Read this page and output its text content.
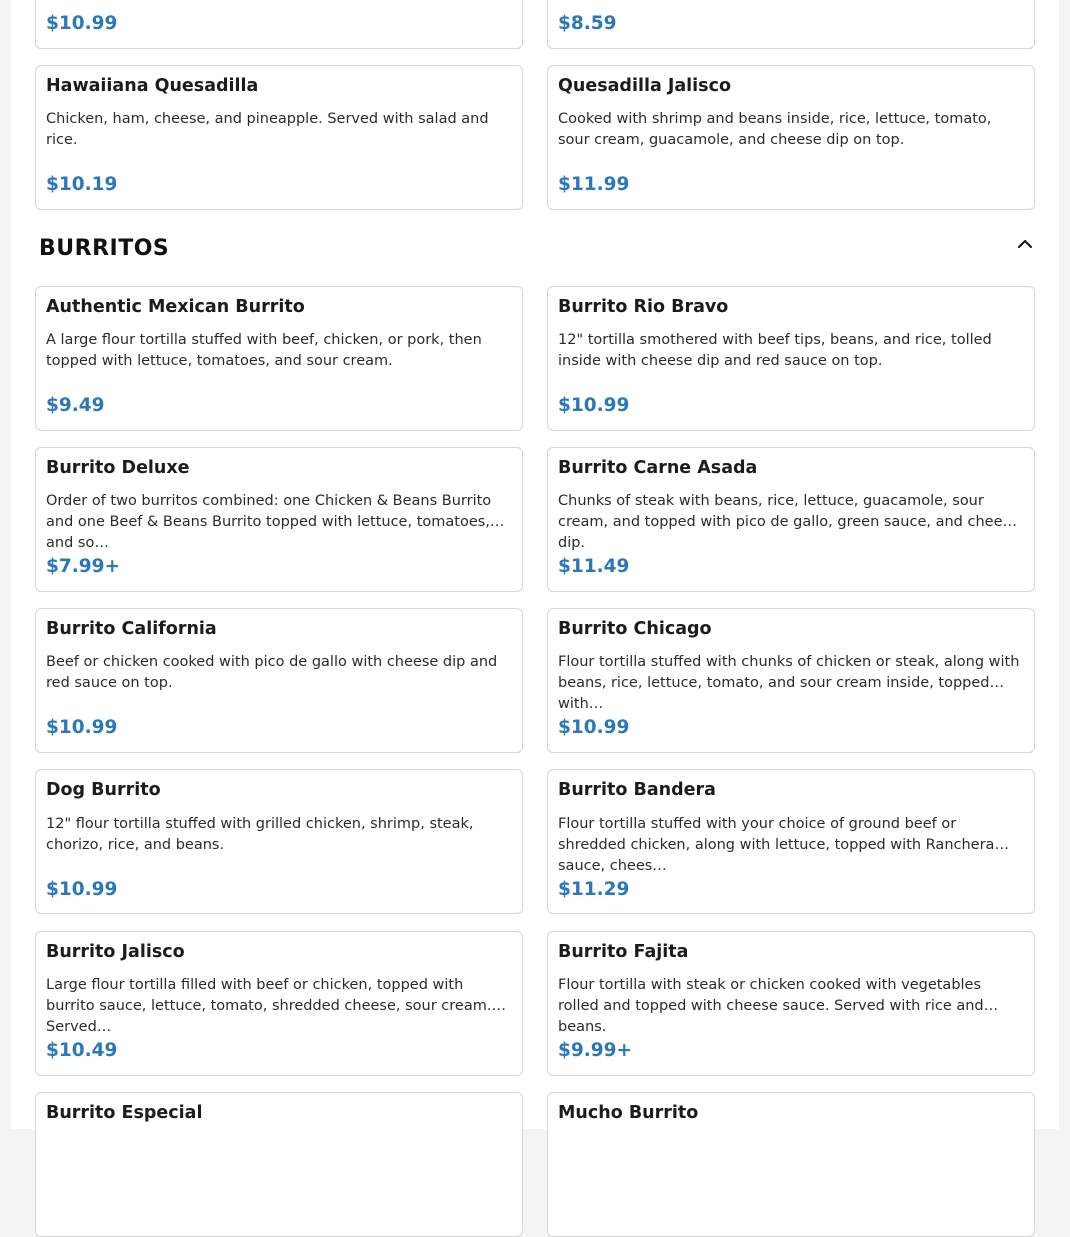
$10.99	$8.59
Hawaiiana Quesadilla
Chicken, ham, cheese, and pineapple. Served with salad and rice.
$10.19
Quesadilla Jalisco
Cooked with shrimp and beans inside, rice, lettuce, tomato, sour cream, guacamole, and cheese dip on top.
$11.99
BURRITOS
Authentic Mexican Burrito
A large flour tortilla stuffed with beef, chicken, or pork, then topped with lettuce, tomatoes, and sour cream.
$9.49
Burrito Rio Bravo
12" tortilla smothered with beef tips, beans, and rice, tolled inside with cheese dip and red sauce on top.
$10.99
Burrito Deluxe
Order of two burritos combined: one Chicken & Beans Burrito and one Beef & Beans Burrito topped with lettuce, tomatoes, and so…
$7.99+
Burrito Carne Asada
Chunks of steak with beans, rice, lettuce, guacamole, sour cream, and topped with pico de gallo, green sauce, and cheese dip.
$11.49
Burrito California
Beef or chicken cooked with pico de gallo with cheese dip and red sauce on top.
$10.99
Burrito Chicago
Flour tortilla stuffed with chunks of chicken or steak, along with beans, rice, lettuce, tomato, and sour cream inside, topped with…
$10.99
Dog Burrito
12" flour tortilla stuffed with grilled chicken, shrimp, steak, chorizo, rice, and beans.
$10.99
Burrito Bandera
Flour tortilla stuffed with your choice of ground beef or shredded chicken, along with lettuce, topped with Ranchera sauce, chees…
$11.29
Burrito Jalisco
Large flour tortilla filled with beef or chicken, topped with burrito sauce, lettuce, tomato, shredded cheese, sour cream. Served…
$10.49
Burrito Fajita
Flour tortilla with steak or chicken cooked with vegetables rolled and topped with cheese sauce. Served with rice and beans.
$9.99+
Burrito Especial	Mucho Burrito
